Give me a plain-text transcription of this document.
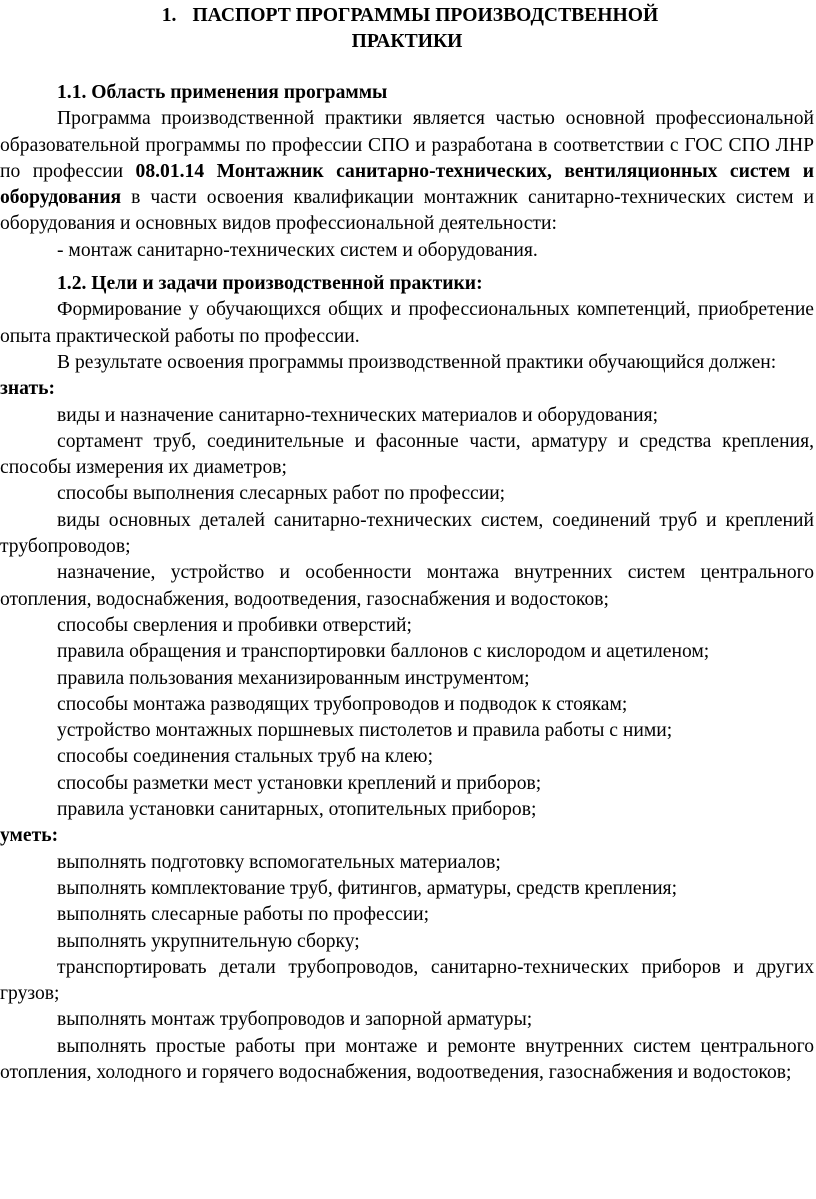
1. ПАСПОРТ ПРОГРАММЫ ПРОИЗВОДСТВЕННОЙ
ПРАКТИКИ

1.1. Область применения программы

Программа производственной практики является частью основной профессиональной образовательной программы по профессии СПО и разработана в соответствии с ГОС СПО ЛНР по профессии 08.01.14 Монтажник санитарно-технических, вентиляционных систем и оборудования в части освоения квалификации монтажник санитарно-технических систем и оборудования и основных видов профессиональной деятельности:

- монтаж санитарно-технических систем и оборудования.

1.2. Цели и задачи производственной практики:

Формирование у обучающихся общих и профессиональных компетенций, приобретение опыта практической работы по профессии.

В результате освоения программы производственной практики обучающийся должен:

знать:

виды и назначение санитарно-технических материалов и оборудования;

сортамент труб, соединительные и фасонные части, арматуру и средства крепления, способы измерения их диаметров;

способы выполнения слесарных работ по профессии;

виды основных деталей санитарно-технических систем, соединений труб и креплений трубопроводов;

назначение, устройство и особенности монтажа внутренних систем центрального отопления, водоснабжения, водоотведения, газоснабжения и водостоков;

способы сверления и пробивки отверстий;

правила обращения и транспортировки баллонов с кислородом и ацетиленом;

правила пользования механизированным инструментом;

способы монтажа разводящих трубопроводов и подводок к стоякам;

устройство монтажных поршневых пистолетов и правила работы с ними;

способы соединения стальных труб на клею;

способы разметки мест установки креплений и приборов;

правила установки санитарных, отопительных приборов;

уметь:

выполнять подготовку вспомогательных материалов;

выполнять комплектование труб, фитингов, арматуры, средств крепления;

выполнять слесарные работы по профессии;

выполнять укрупнительную сборку;

транспортировать детали трубопроводов, санитарно-технических приборов и других грузов;

выполнять монтаж трубопроводов и запорной арматуры;

выполнять простые работы при монтаже и ремонте внутренних систем центрального отопления, холодного и горячего водоснабжения, водоотведения, газоснабжения и водостоков;
